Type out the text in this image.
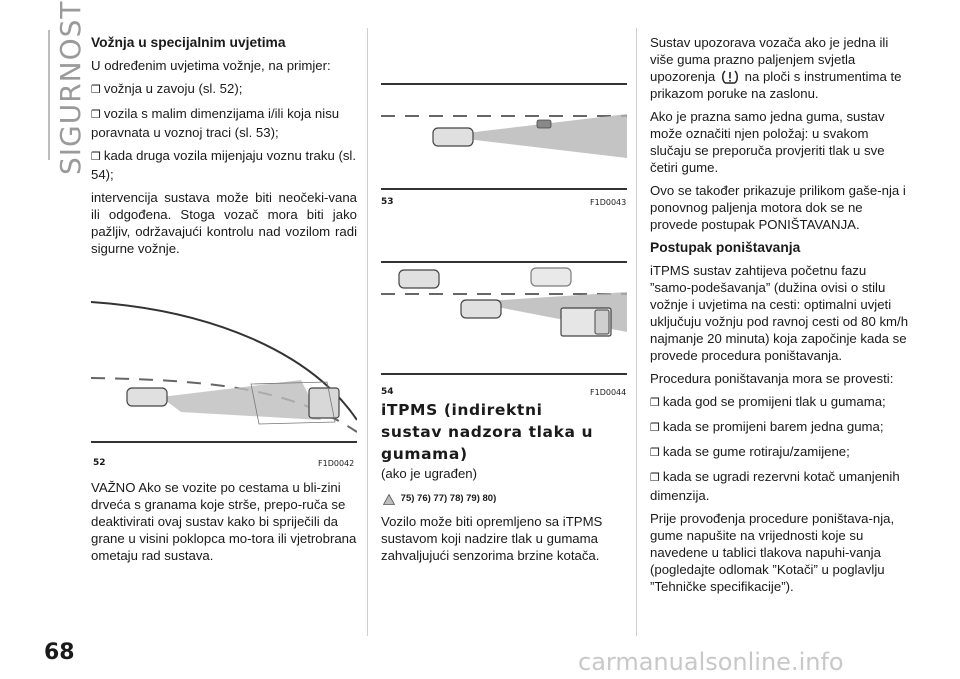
SIGURNOST Vožnja u specijalnim uvjetima

U određenim uvjetima vožnje, na primjer:

❒ vožnja u zavoju (sl. 52);

❒ vozila s malim dimenzijama i/ili koja nisu poravnata u voznoj traci (sl. 53);

❒ kada druga vozila mijenjaju voznu traku (sl. 54);

intervencija sustava može biti neočeki-vana ili odgođena. Stoga vozač mora biti jako pažljiv, održavajući kontrolu nad vozilom radi sigurne vožnje.

52	F1D0042
VAŽNO Ako se vozite po cestama u bli-zini drveća s granama koje strše, prepo-ruča se deaktivirati ovaj sustav kako bi spriječili da grane u visini poklopca mo-tora ili vjetrobrana ometaju rad sustava.
53	F1D0043
54	F1D0044

iTPMS (indirektni

sustav nadzora tlaka u

gumama)

(ako je ugrađen)

75) 76) 77) 78) 79) 80)

Vozilo može biti opremljeno sa iTPMS sustavom koji nadzire tlak u gumama zahvaljujući senzorima brzine kotača.

Sustav upozorava vozača ako je jedna ili više guma prazno paljenjem svjetla upozorenja na ploči s instrumentima te prikazom poruke na zaslonu.

Ako je prazna samo jedna guma, sustav može označiti njen položaj: u svakom slučaju se preporuča provjeriti tlak u sve četiri gume.

Ovo se također prikazuje prilikom gaše-nja i ponovnog paljenja motora dok se ne provede postupak PONIŠTAVANJA.

Postupak poništavanja

iTPMS sustav zahtijeva početnu fazu ”samo-podešavanja” (dužina ovisi o stilu vožnje i uvjetima na cesti: optimalni uvjeti uključuju vožnju pod ravnoj cesti od 80 km/h najmanje 20 minuta) koja započinje kada se provede procedura poništavanja.

Procedura poništavanja mora se provesti:

❒ kada god se promijeni tlak u gumama;

❒ kada se promijeni barem jedna guma;

❒ kada se gume rotiraju/zamijene;

❒ kada se ugradi rezervni kotač umanjenih dimenzija.

Prije provođenja procedure poništava-nja, gume napušite na vrijednosti koje su navedene u tablici tlakova napuhi-vanja (pogledajte odlomak ”Kotači” u poglavlju ”Tehničke specifikacije”).

68	carmanualsonline.info
